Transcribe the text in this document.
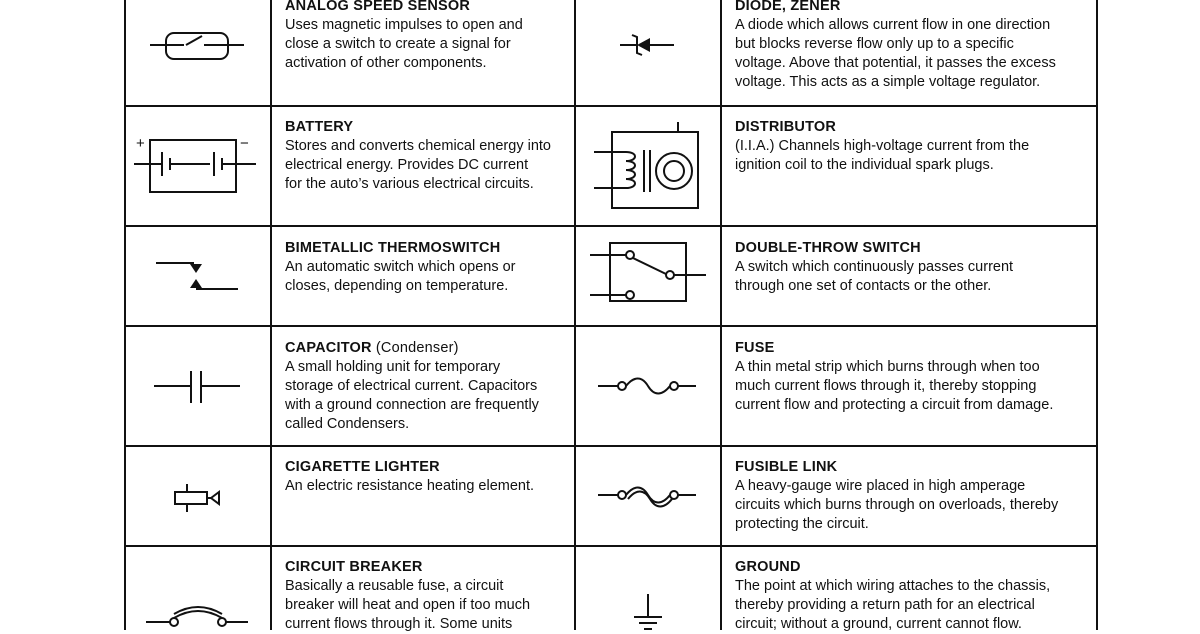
ANALOG SPEED SENSOR
Uses magnetic impulses to open and
close a switch to create a signal for
activation of other components.
+	−
BATTERY
Stores and converts chemical energy into
electrical energy. Provides DC current
for the auto’s various electrical circuits.
BIMETALLIC THERMOSWITCH
An automatic switch which opens or
closes, depending on temperature.
CAPACITOR (Condenser)
A small holding unit for temporary
storage of electrical current. Capacitors
with a ground connection are frequently
called Condensers.
CIGARETTE LIGHTER
An electric resistance heating element.
CIRCUIT BREAKER
Basically a reusable fuse, a circuit
breaker will heat and open if too much
current flows through it. Some units
DIODE, ZENER
A diode which allows current flow in one direction
but blocks reverse flow only up to a specific
voltage. Above that potential, it passes the excess
voltage. This acts as a simple voltage regulator.
DISTRIBUTOR
(I.I.A.) Channels high-voltage current from the
ignition coil to the individual spark plugs.
DOUBLE-THROW SWITCH
A switch which continuously passes current
through one set of contacts or the other.
FUSE
A thin metal strip which burns through when too
much current flows through it, thereby stopping
current flow and protecting a circuit from damage.
FUSIBLE LINK
A heavy-gauge wire placed in high amperage
circuits which burns through on overloads, thereby
protecting the circuit.
GROUND
The point at which wiring attaches to the chassis,
thereby providing a return path for an electrical
circuit; without a ground, current cannot flow.
